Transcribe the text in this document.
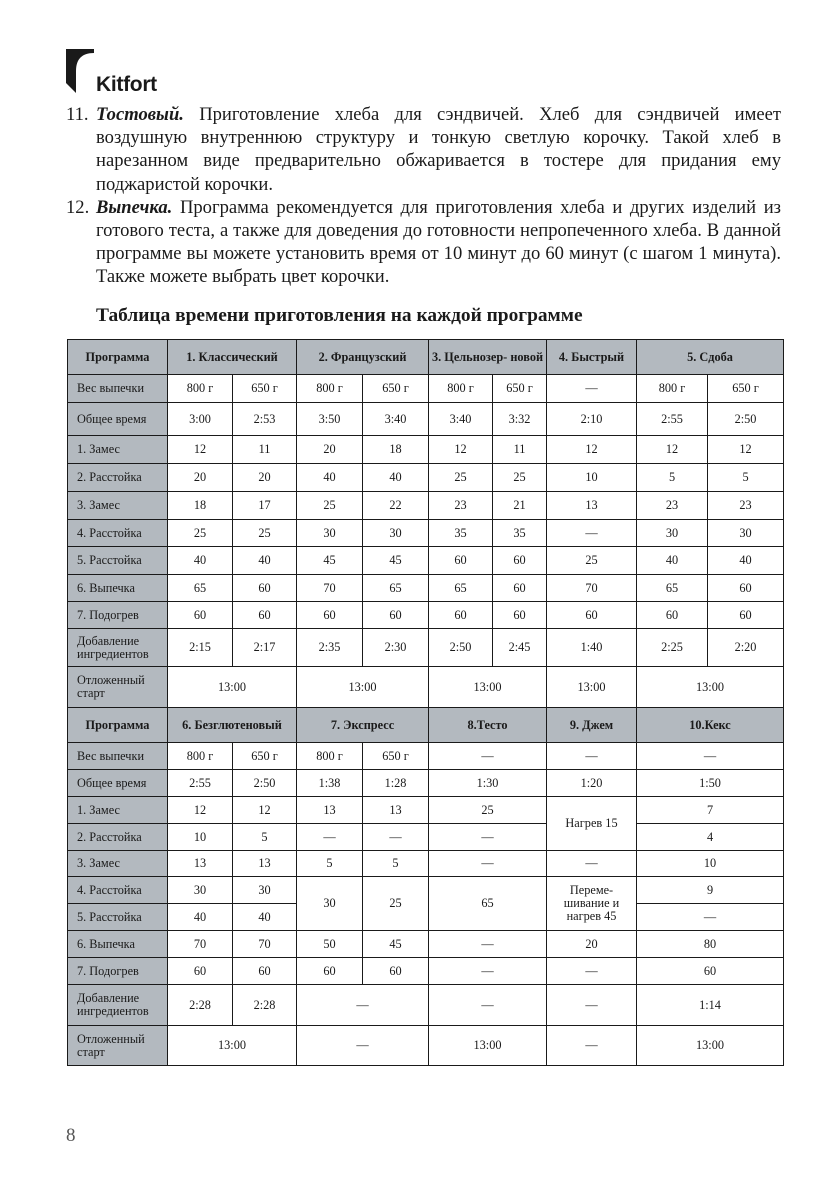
Kitfort
11. Тостовый. Приготовление хлеба для сэндвичей. Хлеб для сэндвичей имеет воздушную внутреннюю структуру и тонкую светлую корочку. Такой хлеб в нарезанном виде предварительно обжаривается в тостере для придания ему поджаристой корочки.
12. Выпечка. Программа рекомендуется для приготовления хлеба и других изделий из готового теста, а также для доведения до готовности непропеченного хлеба. В данной программе вы можете установить время от 10 минут до 60 минут (с шагом 1 минута). Также можете выбрать цвет корочки.
Таблица времени приготовления на каждой программе
Программа	1. Классический		2. Французский		3. Цельнозер- новой		4. Быстрый	5. Сдоба	
Вес выпечки	800 г	650 г	800 г	650 г	800 г	650 г	—	800 г	650 г
Общее время	3:00	2:53	3:50	3:40	3:40	3:32	2:10	2:55	2:50
1. Замес	12	11	20	18	12	11	12	12	12
2. Расстойка	20	20	40	40	25	25	10	5	5
3. Замес	18	17	25	22	23	21	13	23	23
4. Расстойка	25	25	30	30	35	35	—	30	30
5. Расстойка	40	40	45	45	60	60	25	40	40
6. Выпечка	65	60	70	65	65	60	70	65	60
7. Подогрев	60	60	60	60	60	60	60	60	60
Добавление ингредиентов	2:15	2:17	2:35	2:30	2:50	2:45	1:40	2:25	2:20
Отложенный старт	13:00		13:00		13:00		13:00	13:00	
Программа	6. Безглютеновый		7. Экспресс		8.Тесто		9. Джем	10.Кекс	
Вес выпечки	800 г	650 г	800 г	650 г	—		—	—	
Общее время	2:55	2:50	1:38	1:28	1:30		1:20	1:50	
1. Замес	12	12	13	13	25		Нагрев 15	7	
2. Расстойка	10	5	—	—	—			4	
3. Замес	13	13	5	5	—		—	10	
4. Расстойка	30	30	30	25	65		Переме- шивание и нагрев 45	9	
5. Расстойка	40	40						—	
6. Выпечка	70	70	50	45	—		20	80	
7. Подогрев	60	60	60	60	—		—	60	
Добавление ингредиентов	2:28	2:28	—		—		—	1:14	
Отложенный старт	13:00		—		13:00		—	13:00	
8
